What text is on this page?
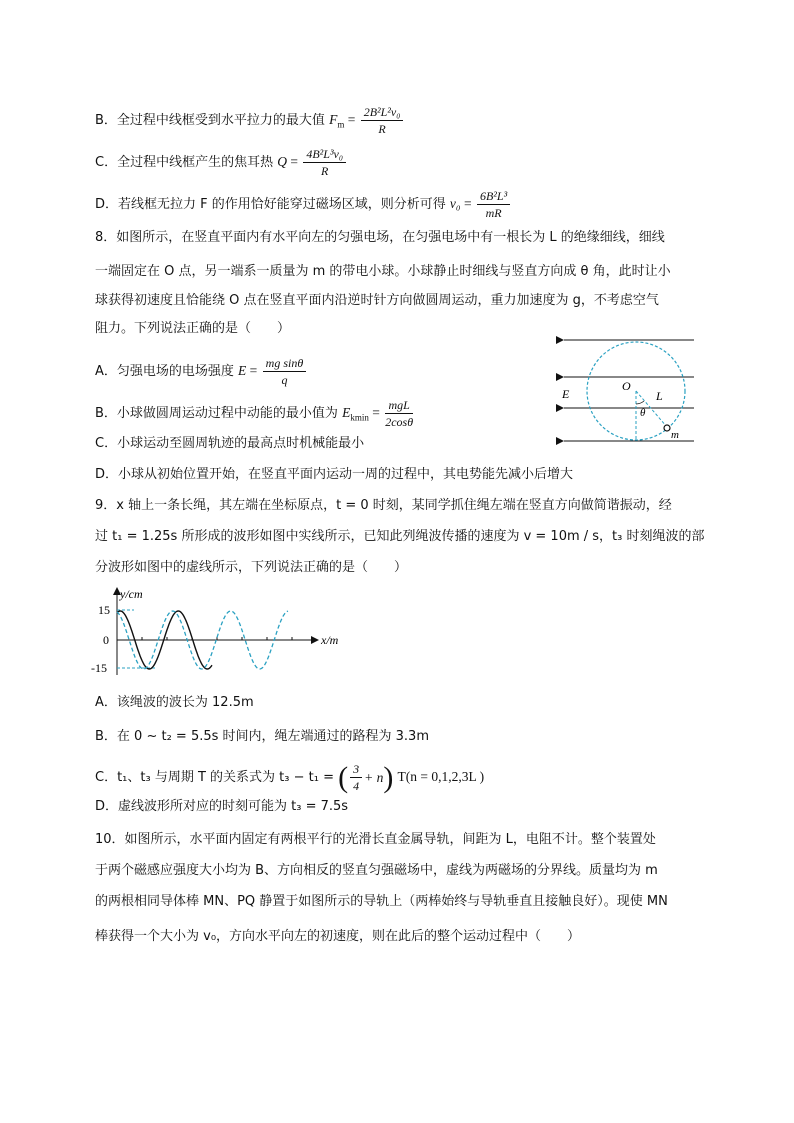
B．全过程中线框受到水平拉力的最大值 $F_m = \frac{\text{2B²L²v₀}}{R}$
C．全过程中线框产生的焦耳热 $Q = \frac{\text{4B²L³v₀}}{R}$
D．若线框无拉力 F 的作用恰好能穿过磁场区域，则分析可得 $v_0 = \frac{\text{6B²L³}}{mR}$
8．如图所示，在竖直平面内有水平向左的匀强电场，在匀强电场中有一根长为 L 的绝缘细线，细线
一端固定在 O 点，另一端系一质量为 m 的带电小球。小球静止时细线与竖直方向成 θ 角，此时让小
球获得初速度且恰能绕 O 点在竖直平面内沿逆时针方向做圆周运动，重力加速度为 g，不考虑空气
阻力。下列说法正确的是（　　）
A．匀强电场的电场强度 $E = \frac{\text{mg sinθ}}{q}$
B．小球做圆周运动过程中动能的最小值为 $E_{kmin} = \frac{\text{mgL}}{2\cos\theta}$
C．小球运动至圆周轨迹的最高点时机械能最小
D．小球从初始位置开始，在竖直平面内运动一周的过程中，其电势能先减小后增大
E
O
L
θ
m
9．x 轴上一条长绳，其左端在坐标原点，t = 0 时刻，某同学抓住绳左端在竖直方向做简谐振动，经
过 t₁ = 1.25s 所形成的波形如图中实线所示，已知此列绳波传播的速度为 v = 10m / s，t₃ 时刻绳波的部
分波形如图中的虚线所示，下列说法正确的是（　　）
y/cm
x/m
15
0
-15
A．该绳波的波长为 12.5m
B．在 0 ~ t₂ = 5.5s 时间内，绳左端通过的路程为 3.3m
C．t₁、t₃ 与周期 T 的关系式为 t₃ − t₁ = ( $\frac{3}{4} + n$ ) T(n = 0,1,2,3L )
D．虚线波形所对应的时刻可能为 t₃ = 7.5s
10．如图所示，水平面内固定有两根平行的光滑长直金属导轨，间距为 L，电阻不计。整个装置处
于两个磁感应强度大小均为 B、方向相反的竖直匀强磁场中，虚线为两磁场的分界线。质量均为 m
的两根相同导体棒 MN、PQ 静置于如图所示的导轨上（两棒始终与导轨垂直且接触良好）。现使 MN
棒获得一个大小为 v₀，方向水平向左的初速度，则在此后的整个运动过程中（　　）
